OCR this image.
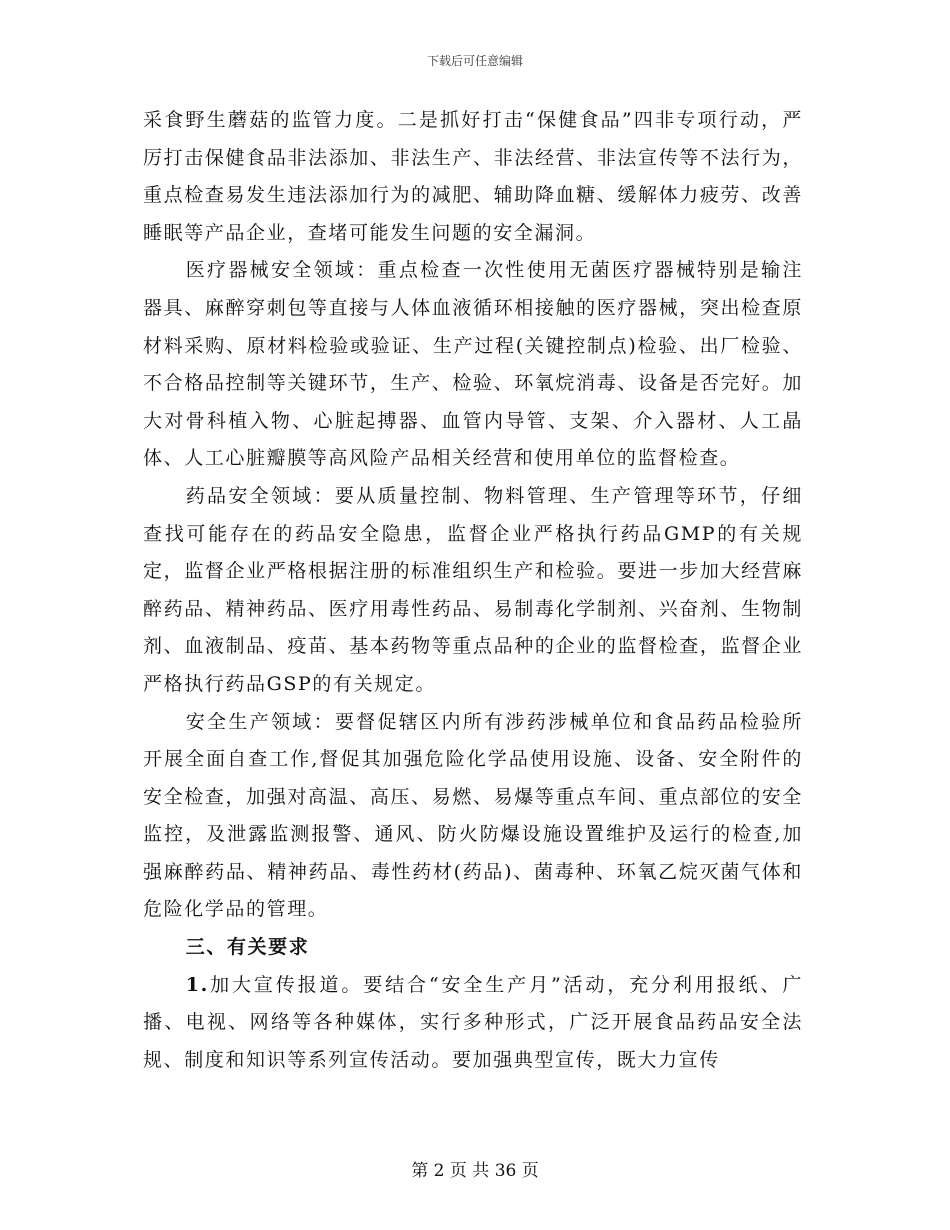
下载后可任意编辑

采食野生蘑菇的监管力度。二是抓好打击“保健食品”四非专项行动，严厉打击保健食品非法添加、非法生产、非法经营、非法宣传等不法行为，重点检查易发生违法添加行为的减肥、辅助降血糖、缓解体力疲劳、改善睡眠等产品企业，查堵可能发生问题的安全漏洞。

医疗器械安全领域：重点检查一次性使用无菌医疗器械特别是输注器具、麻醉穿刺包等直接与人体血液循环相接触的医疗器械，突出检查原材料采购、原材料检验或验证、生产过程(关键控制点)检验、出厂检验、不合格品控制等关键环节，生产、检验、环氧烷消毒、设备是否完好。加大对骨科植入物、心脏起搏器、血管内导管、支架、介入器材、人工晶体、人工心脏瓣膜等高风险产品相关经营和使用单位的监督检查。

药品安全领域：要从质量控制、物料管理、生产管理等环节，仔细查找可能存在的药品安全隐患，监督企业严格执行药品GMP的有关规定，监督企业严格根据注册的标准组织生产和检验。要进一步加大经营麻醉药品、精神药品、医疗用毒性药品、易制毒化学制剂、兴奋剂、生物制剂、血液制品、疫苗、基本药物等重点品种的企业的监督检查，监督企业严格执行药品GSP的有关规定。

安全生产领域：要督促辖区内所有涉药涉械单位和食品药品检验所开展全面自查工作,督促其加强危险化学品使用设施、设备、安全附件的安全检查，加强对高温、高压、易燃、易爆等重点车间、重点部位的安全监控，及泄露监测报警、通风、防火防爆设施设置维护及运行的检查,加强麻醉药品、精神药品、毒性药材(药品)、菌毒种、环氧乙烷灭菌气体和危险化学品的管理。

三、有关要求

1.加大宣传报道。要结合“安全生产月”活动，充分利用报纸、广播、电视、网络等各种媒体，实行多种形式，广泛开展食品药品安全法规、制度和知识等系列宣传活动。要加强典型宣传，既大力宣传

第 2 页 共 36 页
